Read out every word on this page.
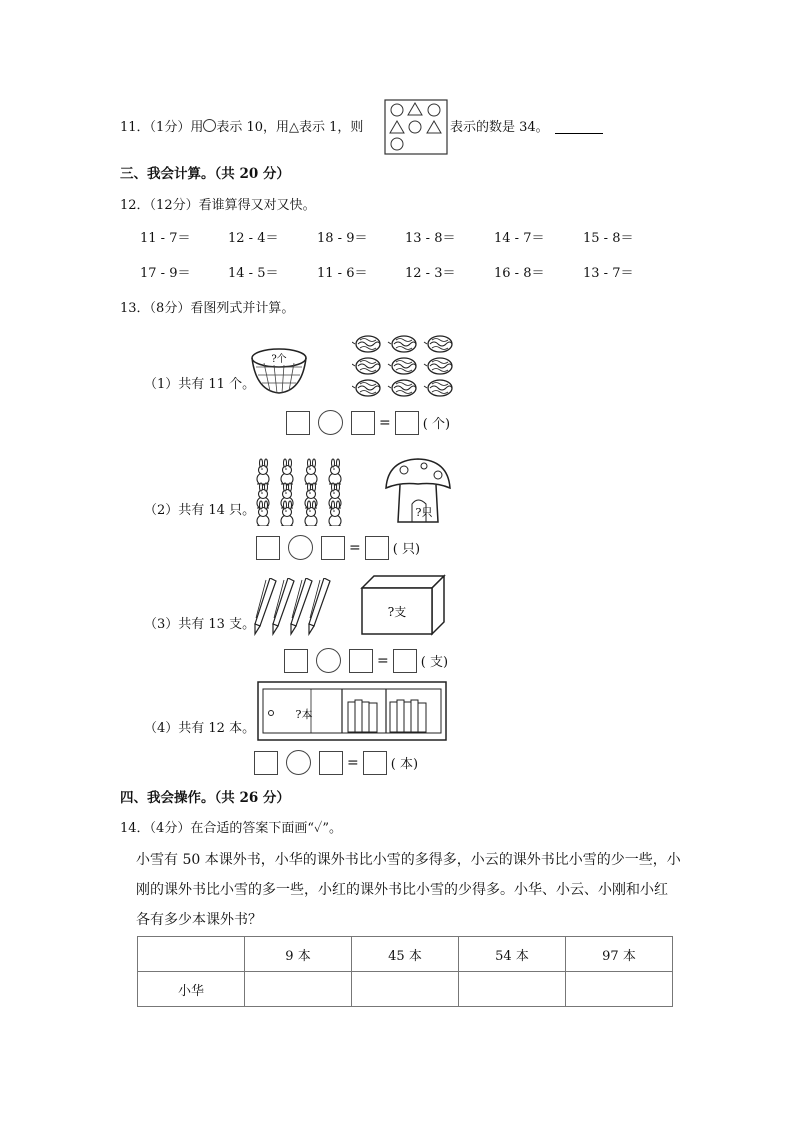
11．（1分）用 表示 10，用△表示 1，则	表示的数是 34。
三、我会计算。（共 20 分）
12．（12分）看谁算得又对又快。
11 - 7＝	12 - 4＝	18 - 9＝	13 - 8＝	14 - 7＝	15 - 8＝
17 - 9＝	14 - 5＝	11 - 6＝	12 - 3＝	16 - 8＝	13 - 7＝
13．（8分）看图列式并计算。
（1）共有 11 个。
?个
= ( 个)
（2）共有 14 只。	?只
= ( 只)
（3）共有 13 支。
?支
= ( 支)
（4）共有 12 本。
?本
= ( 本)
四、我会操作。（共 26 分）
14．（4分）在合适的答案下面画“✓”。
小雪有 50 本课外书，小华的课外书比小雪的多得多，小云的课外书比小雪的少一些，小刚的课外书比小雪的多一些，小红的课外书比小雪的少得多。小华、小云、小刚和小红各有多少本课外书？
	9 本	45 本	54 本	97 本
小华				
